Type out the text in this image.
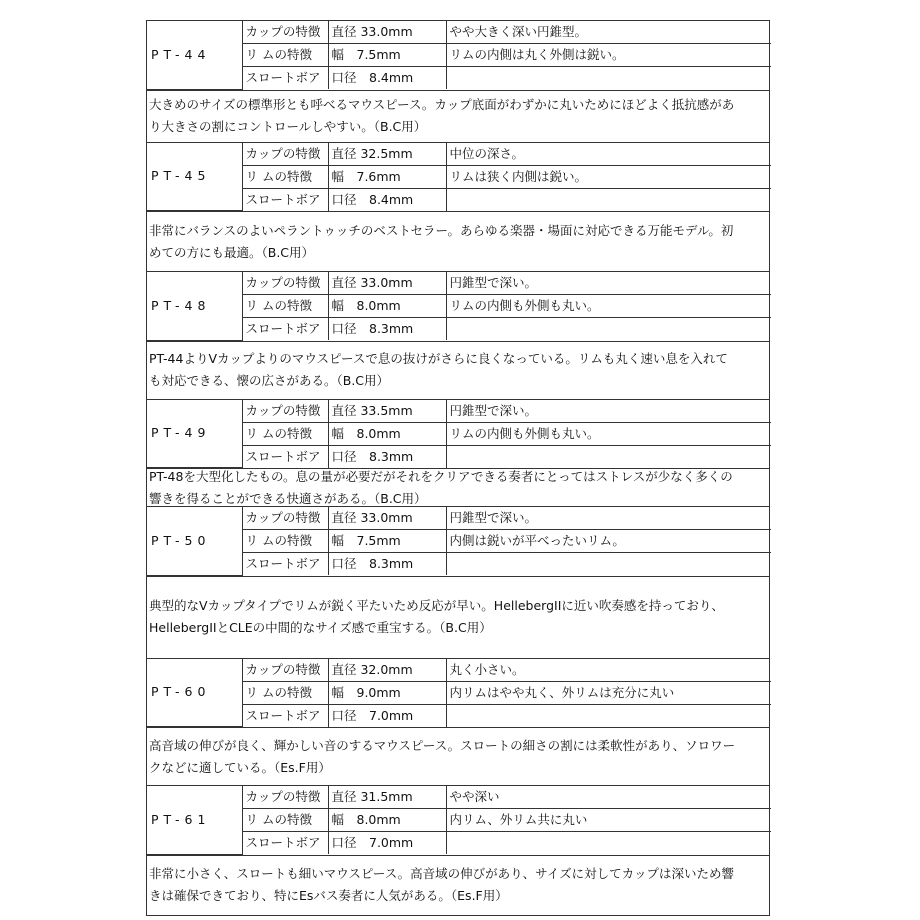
PT-44	カップの特徴	直径 33.0mm	やや大きく深い円錐型。
	リ ムの特徴	幅　7.5mm	リムの内側は丸く外側は鋭い。
	スロートボア	口径　8.4mm	
大きめのサイズの標準形とも呼べるマウスピース。カップ底面がわずかに丸いためにほどよく抵抗感があ
り大きさの割にコントロールしやすい。（B.C用）
PT-45	カップの特徴	直径 32.5mm	中位の深さ。
	リ ムの特徴	幅　7.6mm	リムは狭く内側は鋭い。
	スロートボア	口径　8.4mm	
非常にバランスのよいペラントゥッチのベストセラー。あらゆる楽器・場面に対応できる万能モデル。初
めての方にも最適。（B.C用）
PT-48	カップの特徴	直径 33.0mm	円錐型で深い。
	リ ムの特徴	幅　8.0mm	リムの内側も外側も丸い。
	スロートボア	口径　8.3mm	
PT-44よりVカップよりのマウスピースで息の抜けがさらに良くなっている。リムも丸く速い息を入れて
も対応できる、懐の広さがある。（B.C用）
PT-49	カップの特徴	直径 33.5mm	円錐型で深い。
	リ ムの特徴	幅　8.0mm	リムの内側も外側も丸い。
	スロートボア	口径　8.3mm	
PT-48を大型化したもの。息の量が必要だがそれをクリアできる奏者にとってはストレスが少なく多くの
響きを得ることができる快適さがある。（B.C用）
PT-50	カップの特徴	直径 33.0mm	円錐型で深い。
	リ ムの特徴	幅　7.5mm	内側は鋭いが平べったいリム。
	スロートボア	口径　8.3mm	
典型的なVカップタイプでリムが鋭く平たいため反応が早い。HellebergIIに近い吹奏感を持っており、
HellebergIIとCLEの中間的なサイズ感で重宝する。（B.C用）
PT-60	カップの特徴	直径 32.0mm	丸く小さい。
	リ ムの特徴	幅　9.0mm	内リムはやや丸く、外リムは充分に丸い
	スロートボア	口径　7.0mm	
高音域の伸びが良く、輝かしい音のするマウスピース。スロートの細さの割には柔軟性があり、ソロワー
クなどに適している。（Es.F用）
PT-61	カップの特徴	直径 31.5mm	やや深い
	リ ムの特徴	幅　8.0mm	内リム、外リム共に丸い
	スロートボア	口径　7.0mm	
非常に小さく、スロートも細いマウスピース。高音域の伸びがあり、サイズに対してカップは深いため響
きは確保できており、特にEsバス奏者に人気がある。（Es.F用）
